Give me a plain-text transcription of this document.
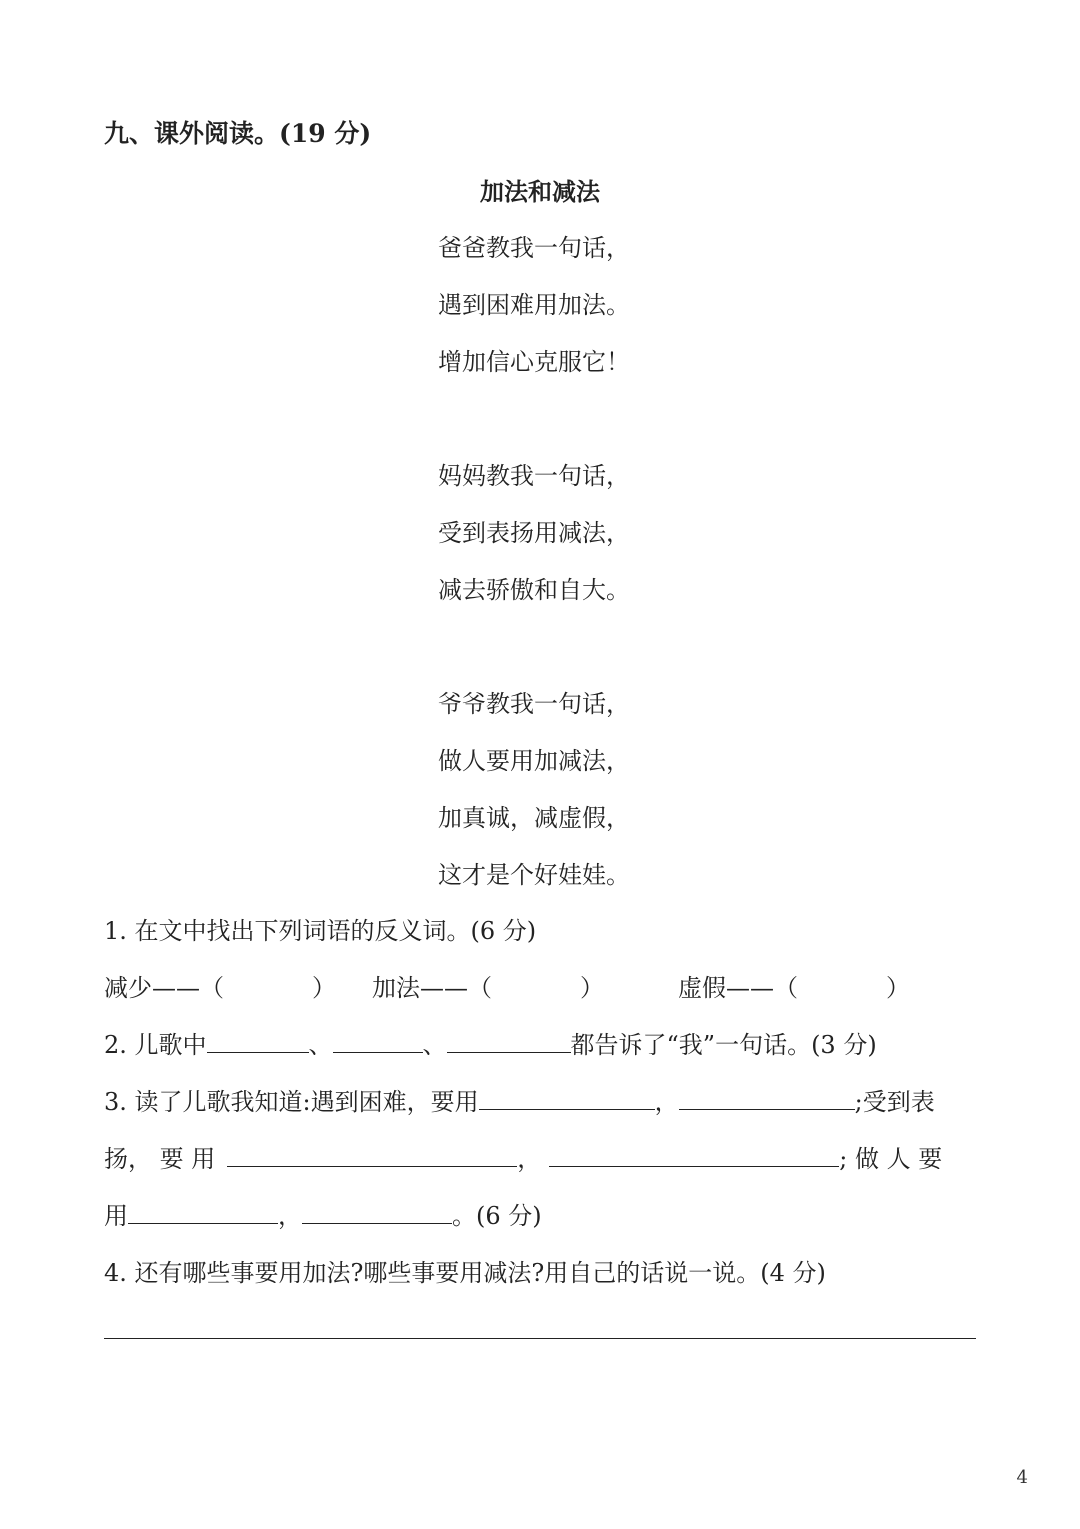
九、课外阅读。(19 分)
加法和减法
爸爸教我一句话，
遇到困难用加法。
增加信心克服它！
妈妈教我一句话，
受到表扬用减法，
减去骄傲和自大。
爷爷教我一句话，
做人要用加减法，
加真诚，减虚假，
这才是个好娃娃。
1. 在文中找出下列词语的反义词。(6 分)
减少——（	） 加法——（	）	虚假——（	）
2. 儿歌中	、	、	都告诉了“我”一句话。(3 分)
3. 读了儿歌我知道:遇到困难，要用	，	;受到表
扬， 要 用	，	; 做 人 要
用	，	。(6 分)
4. 还有哪些事要用加法?哪些事要用减法?用自己的话说一说。(4 分)
4
